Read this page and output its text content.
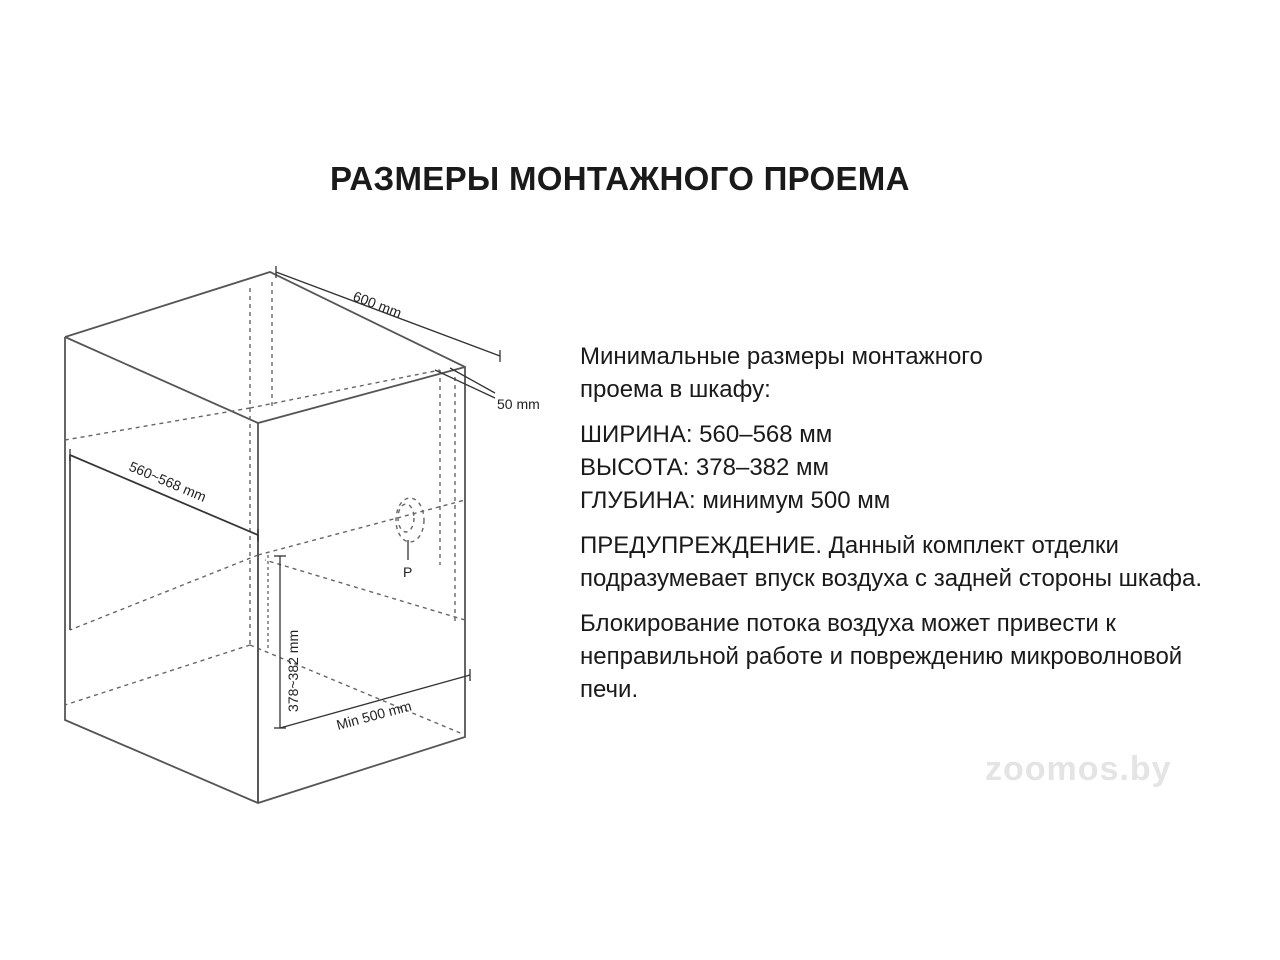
РАЗМЕРЫ МОНТАЖНОГО ПРОЕМА
600 mm
50 mm
560~568 mm
378~382 mm
Min 500 mm
P

Минимальные размеры монтажного проема в шкафу:

ШИРИНА: 560–568 мм
ВЫСОТА: 378–382 мм

ГЛУБИНА: минимум 500 мм

ПРЕДУПРЕЖДЕНИЕ. Данный комплект отделки подразумевает впуск воздуха с задней стороны шкафа.

Блокирование потока воздуха может привести к неправильной работе и повреждению микроволновой печи.

zoomos.by
